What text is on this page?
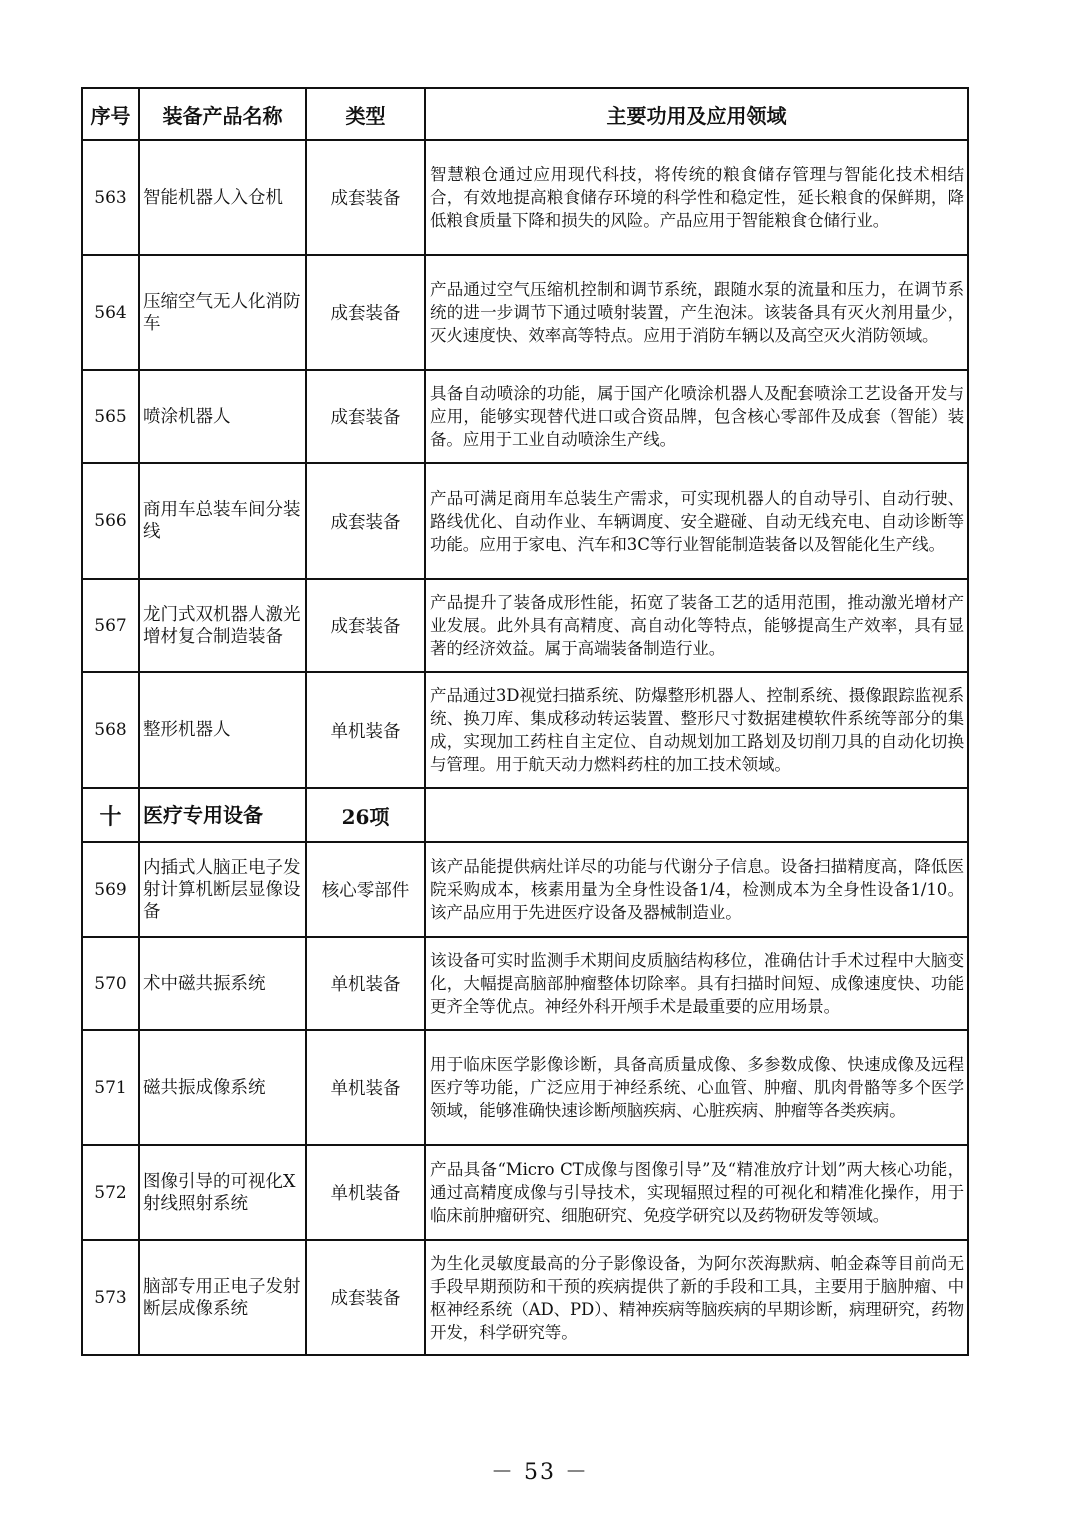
序号	装备产品名称	类型	主要功用及应用领域
563	智能机器人入仓机	成套装备	智慧粮仓通过应用现代科技，将传统的粮食储存管理与智能化技术相结合，有效地提高粮食储存环境的科学性和稳定性，延长粮食的保鲜期，降低粮食质量下降和损失的风险。产品应用于智能粮食仓储行业。
564	压缩空气无人化消防车	成套装备	产品通过空气压缩机控制和调节系统，跟随水泵的流量和压力，在调节系统的进一步调节下通过喷射装置，产生泡沫。该装备具有灭火剂用量少，灭火速度快、效率高等特点。应用于消防车辆以及高空灭火消防领域。
565	喷涂机器人	成套装备	具备自动喷涂的功能，属于国产化喷涂机器人及配套喷涂工艺设备开发与应用，能够实现替代进口或合资品牌，包含核心零部件及成套（智能）装备。应用于工业自动喷涂生产线。
566	商用车总装车间分装线	成套装备	产品可满足商用车总装生产需求，可实现机器人的自动导引、自动行驶、路线优化、自动作业、车辆调度、安全避碰、自动无线充电、自动诊断等功能。应用于家电、汽车和3C等行业智能制造装备以及智能化生产线。
567	龙门式双机器人激光增材复合制造装备	成套装备	产品提升了装备成形性能，拓宽了装备工艺的适用范围，推动激光增材产业发展。此外具有高精度、高自动化等特点，能够提高生产效率，具有显著的经济效益。属于高端装备制造行业。
568	整形机器人	单机装备	产品通过3D视觉扫描系统、防爆整形机器人、控制系统、摄像跟踪监视系统、换刀库、集成移动转运装置、整形尺寸数据建模软件系统等部分的集成，实现加工药柱自主定位、自动规划加工路划及切削刀具的自动化切换与管理。用于航天动力燃料药柱的加工技术领域。
十	医疗专用设备	26项	
569	内插式人脑正电子发射计算机断层显像设备	核心零部件	该产品能提供病灶详尽的功能与代谢分子信息。设备扫描精度高，降低医院采购成本，核素用量为全身性设备1/4，检测成本为全身性设备1/10。该产品应用于先进医疗设备及器械制造业。
570	术中磁共振系统	单机装备	该设备可实时监测手术期间皮质脑结构移位，准确估计手术过程中大脑变化，大幅提高脑部肿瘤整体切除率。具有扫描时间短、成像速度快、功能更齐全等优点。神经外科开颅手术是最重要的应用场景。
571	磁共振成像系统	单机装备	用于临床医学影像诊断，具备高质量成像、多参数成像、快速成像及远程医疗等功能，广泛应用于神经系统、心血管、肿瘤、肌肉骨骼等多个医学领域，能够准确快速诊断颅脑疾病、心脏疾病、肿瘤等各类疾病。
572	图像引导的可视化X射线照射系统	单机装备	产品具备“Micro CT成像与图像引导”及“精准放疗计划”两大核心功能，通过高精度成像与引导技术，实现辐照过程的可视化和精准化操作，用于临床前肿瘤研究、细胞研究、免疫学研究以及药物研发等领域。
573	脑部专用正电子发射断层成像系统	成套装备	为生化灵敏度最高的分子影像设备，为阿尔茨海默病、帕金森等目前尚无手段早期预防和干预的疾病提供了新的手段和工具，主要用于脑肿瘤、中枢神经系统（AD、PD）、精神疾病等脑疾病的早期诊断，病理研究，药物开发，科学研究等。
－ 53 －
